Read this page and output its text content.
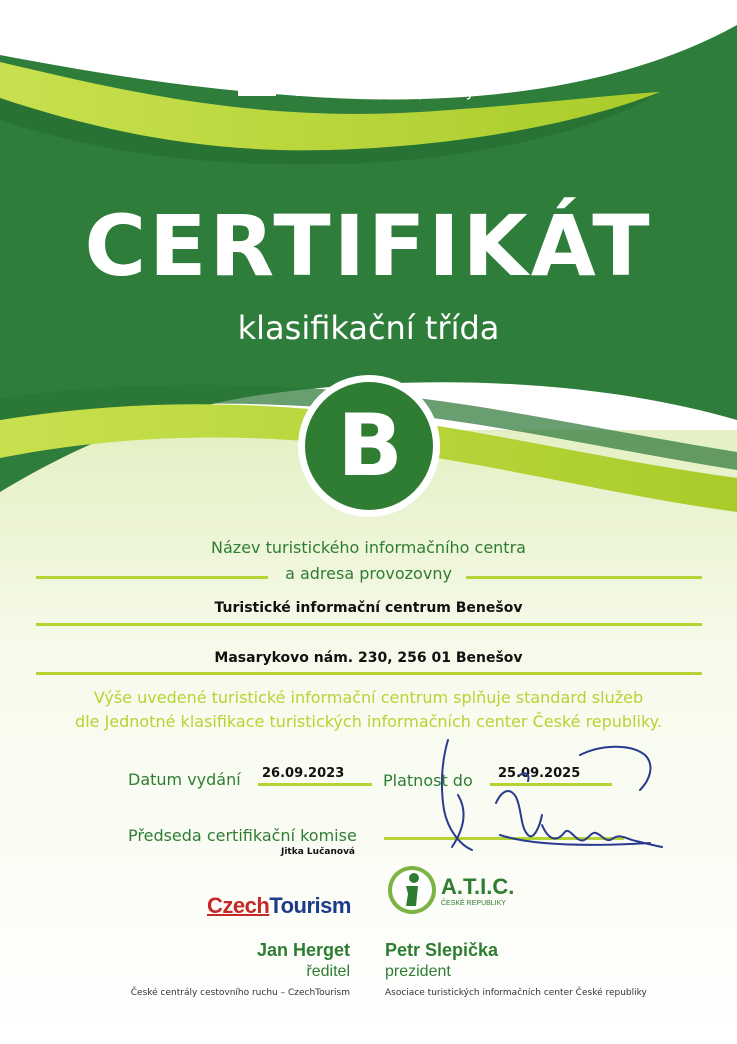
Jednotná klasifikace
turistických informačních
center České republiky
CERTIFIKÁT
klasifikační třída
B
Název turistického informačního centra
a adresa provozovny
Turistické informační centrum Benešov
Masarykovo nám. 230, 256 01 Benešov
Výše uvedené turistické informační centrum splňuje standard služeb
dle Jednotné klasifikace turistických informačních center České republiky.
Datum vydání 26.09.2023 Platnost do 25.09.2025
Předseda certifikační komise
Jitka Lučanová
CzechTourism
A.T.I.C.
ČESKÉ REPUBLIKY
Jan Herget
ředitel
České centrály cestovního ruchu – CzechTourism
Petr Slepička
prezident
Asociace turistických informačních center České republiky
